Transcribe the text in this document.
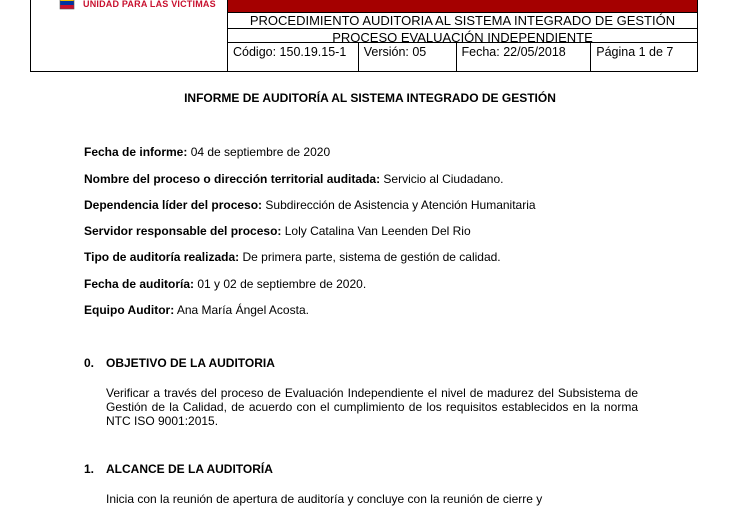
UNIDAD PARA LAS VÍCTIMAS
PROCEDIMIENTO AUDITORIA AL SISTEMA INTEGRADO DE GESTIÓN
PROCESO EVALUACIÓN INDEPENDIENTE
Código: 150.19.15-1	Versión: 05	Fecha: 22/05/2018	Página 1 de 7
INFORME DE AUDITORÍA AL SISTEMA INTEGRADO DE GESTIÓN
Fecha de informe: 04 de septiembre de 2020
Nombre del proceso o dirección territorial auditada: Servicio al Ciudadano.
Dependencia líder del proceso: Subdirección de Asistencia y Atención Humanitaria
Servidor responsable del proceso: Loly Catalina Van Leenden Del Rio
Tipo de auditoría realizada: De primera parte, sistema de gestión de calidad.
Fecha de auditoría: 01 y 02 de septiembre de 2020.
Equipo Auditor: Ana María Ángel Acosta.
0. OBJETIVO DE LA AUDITORIA
Verificar a través del proceso de Evaluación Independiente el nivel de madurez del Subsistema de Gestión de la Calidad, de acuerdo con el cumplimiento de los requisitos establecidos en la norma NTC ISO 9001:2015.
1. ALCANCE DE LA AUDITORÍA
Inicia con la reunión de apertura de auditoría y concluye con la reunión de cierre y
